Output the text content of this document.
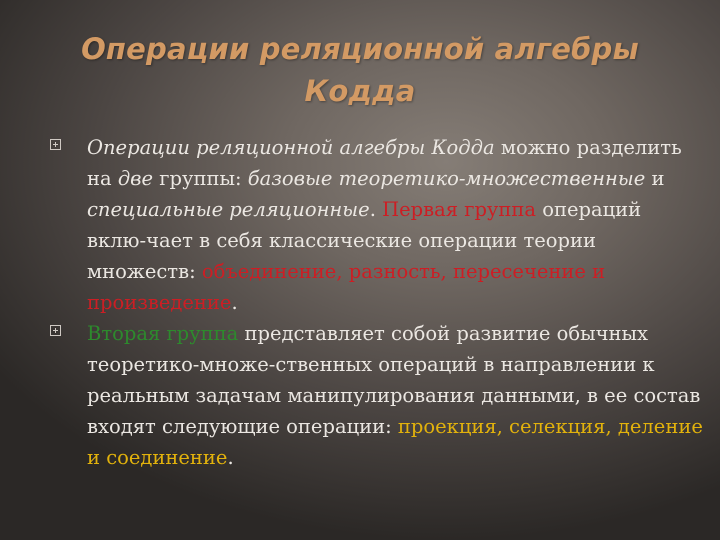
Операции реляционной алгебры
Кодда

Операции реляционной алгебры Кодда можно разделить на две группы: базовые теоретико-множественные и специальные реляционные. Первая группа операций вклю-чает в себя классические операции теории множеств: объединение, разность, пересечение и произведение.

Вторая группа представляет собой развитие обычных теоретико-множе-ственных операций в направлении к реальным задачам манипулирования данными, в ее состав входят следующие операции: проекция, селекция, деление и соединение.
